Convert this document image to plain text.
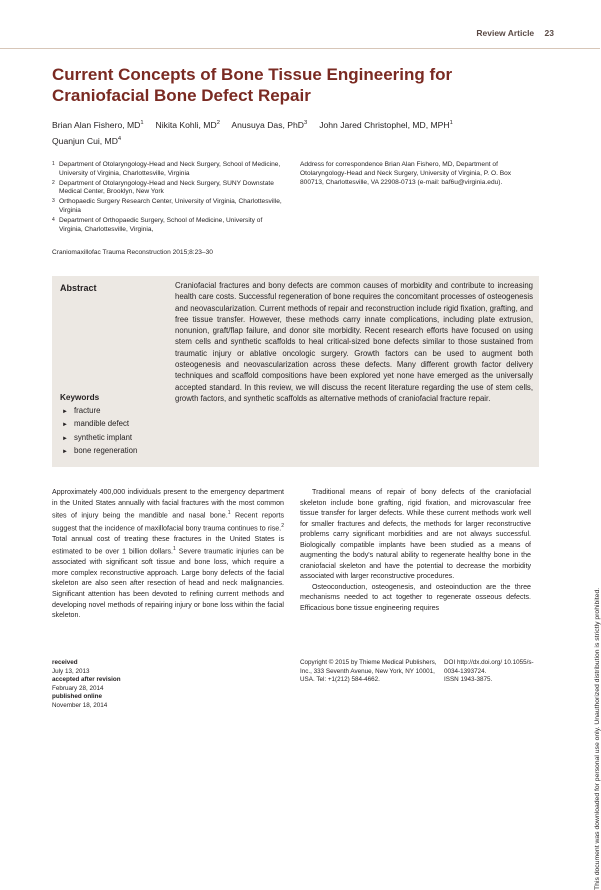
Review Article 23
Current Concepts of Bone Tissue Engineering for Craniofacial Bone Defect Repair
Brian Alan Fishero, $MD^1$ Nikita Kohli, $MD^2$ Anusuya Das, PhD$^3$ John Jared Christophel, MD, MPH$^1$
Quanjun Cui, $MD^4$
1 Department of Otolaryngology-Head and Neck Surgery, School of Medicine, University of Virginia, Charlottesville, Virginia
2 Department of Otolaryngology-Head and Neck Surgery, SUNY Downstate Medical Center, Brooklyn, New York
3 Orthopaedic Surgery Research Center, University of Virginia, Charlottesville, Virginia
4 Department of Orthopaedic Surgery, School of Medicine, University of Virginia, Charlottesville, Virginia,
Address for correspondence Brian Alan Fishero, MD, Department of Otolaryngology-Head and Neck Surgery, University of Virginia, P. O. Box 800713, Charlottesville, VA 22908-0713 (e-mail: baf6u@virginia.edu).
Craniomaxillofac Trauma Reconstruction 2015;8:23–30
Abstract	Craniofacial fractures and bony defects are common causes of morbidity and contribute to increasing health care costs. Successful regeneration of bone requires the concomitant processes of osteogenesis and neovascularization. Current methods of repair and reconstruction include rigid fixation, grafting, and free tissue transfer. However, these methods carry innate complications, including plate extrusion, nonunion, graft/flap failure, and donor site morbidity. Recent research efforts have focused on using stem cells and synthetic scaffolds to heal critical-sized bone defects similar to those sustained from traumatic injury or ablative oncologic surgery. Growth factors can be used to augment both osteogenesis and neovascularization across these defects. Many different growth factor delivery techniques and scaffold compositions have been explored yet none have emerged as the universally accepted standard. In this review, we will discuss the recent literature regarding the use of stem cells, growth factors, and synthetic scaffolds as alternative methods of craniofacial fracture repair.
Keywords
► fracture
► mandible defect
► synthetic implant
► bone regeneration

Approximately 400,000 individuals present to the emergency department in the United States annually with facial fractures with the most common sites of injury being the mandible and nasal bone.$^1$ Recent reports suggest that the incidence of maxillofacial bony trauma continues to rise.$^2$ Total annual cost of treating these fractures in the United States is estimated to be over 1 billion dollars.$^1$ Severe traumatic injuries can be associated with significant soft tissue and bone loss, which require a more complex reconstructive approach. Large bony defects of the facial skeleton are also seen after resection of head and neck malignancies. Significant attention has been devoted to refining current methods and developing novel methods of repairing injury or bone loss within the facial skeleton.

Traditional means of repair of bony defects of the craniofacial skeleton include bone grafting, rigid fixation, and microvascular free tissue transfer for larger defects. While these current methods work well for smaller fractures and defects, the methods for larger reconstructive problems carry significant morbidities and are not always successful. Biologically compatible implants have been studied as a means of augmenting the body's natural ability to regenerate healthy bone in the craniofacial skeleton and have the potential to decrease the morbidity associated with larger reconstructive procedures.

Osteoconduction, osteogenesis, and osteoinduction are the three mechanisms needed to act together to regenerate osseous defects. Efficacious bone tissue engineering requires

received
July 13, 2013
accepted after revision
February 28, 2014
published online
November 18, 2014
Copyright © 2015 by Thieme Medical Publishers, Inc., 333 Seventh Avenue, New York, NY 10001, USA. Tel: +1(212) 584-4662.
DOI http://dx.doi.org/ 10.1055/s-0034-1393724.
ISSN 1943-3875.	This document was downloaded for personal use only. Unauthorized distribution is strictly prohibited.
